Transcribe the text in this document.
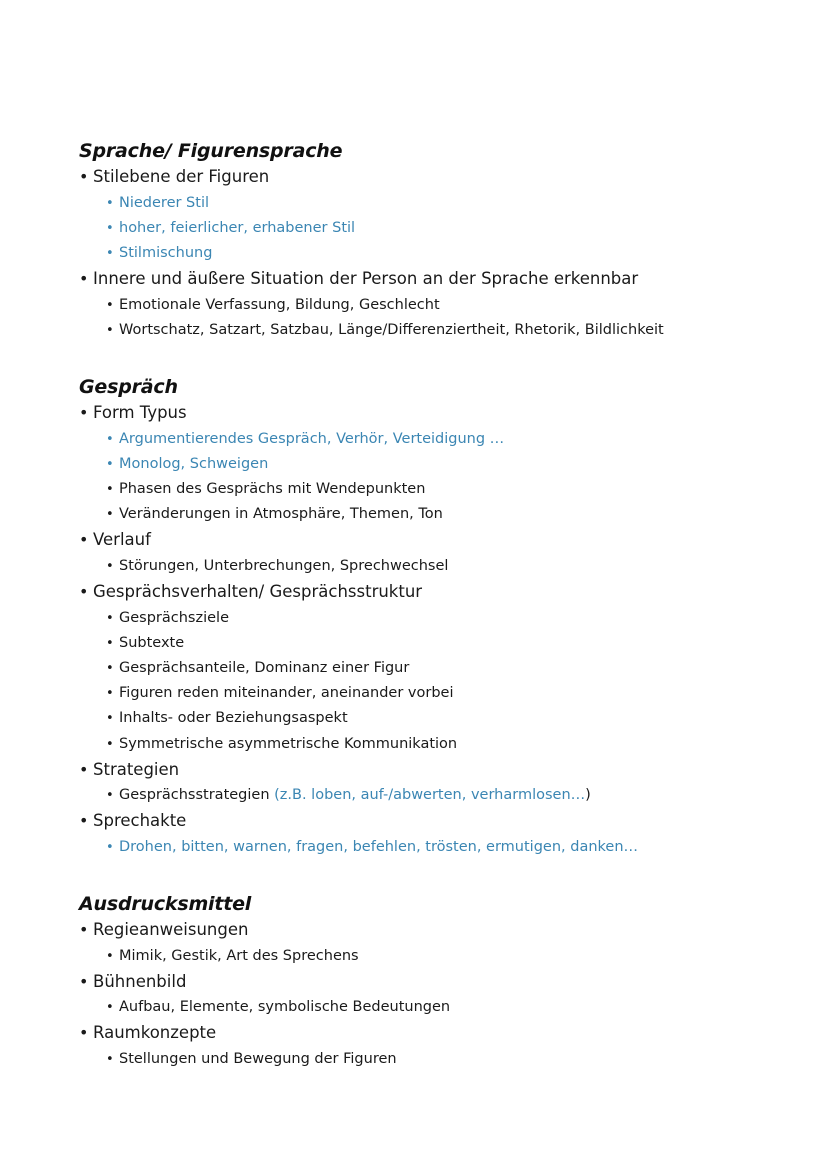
Sprache/ Figurensprache
• Stilebene der Figuren
• Niederer Stil
• hoher, feierlicher, erhabener Stil
• Stilmischung
• Innere und äußere Situation der Person an der Sprache erkennbar
• Emotionale Verfassung, Bildung, Geschlecht
• Wortschatz, Satzart, Satzbau, Länge/Differenziertheit, Rhetorik, Bildlichkeit
Gespräch
• Form Typus
• Argumentierendes Gespräch, Verhör, Verteidigung …
• Monolog, Schweigen
• Phasen des Gesprächs mit Wendepunkten
• Veränderungen in Atmosphäre, Themen, Ton
• Verlauf
• Störungen, Unterbrechungen, Sprechwechsel
• Gesprächsverhalten/ Gesprächsstruktur
• Gesprächsziele
• Subtexte
• Gesprächsanteile, Dominanz einer Figur
• Figuren reden miteinander, aneinander vorbei
• Inhalts- oder Beziehungsaspekt
• Symmetrische asymmetrische Kommunikation
• Strategien
• Gesprächsstrategien (z.B. loben, auf-/abwerten, verharmlosen…)
• Sprechakte
• Drohen, bitten, warnen, fragen, befehlen, trösten, ermutigen, danken…
Ausdrucksmittel
• Regieanweisungen
• Mimik, Gestik, Art des Sprechens
• Bühnenbild
• Aufbau, Elemente, symbolische Bedeutungen
• Raumkonzepte
• Stellungen und Bewegung der Figuren
